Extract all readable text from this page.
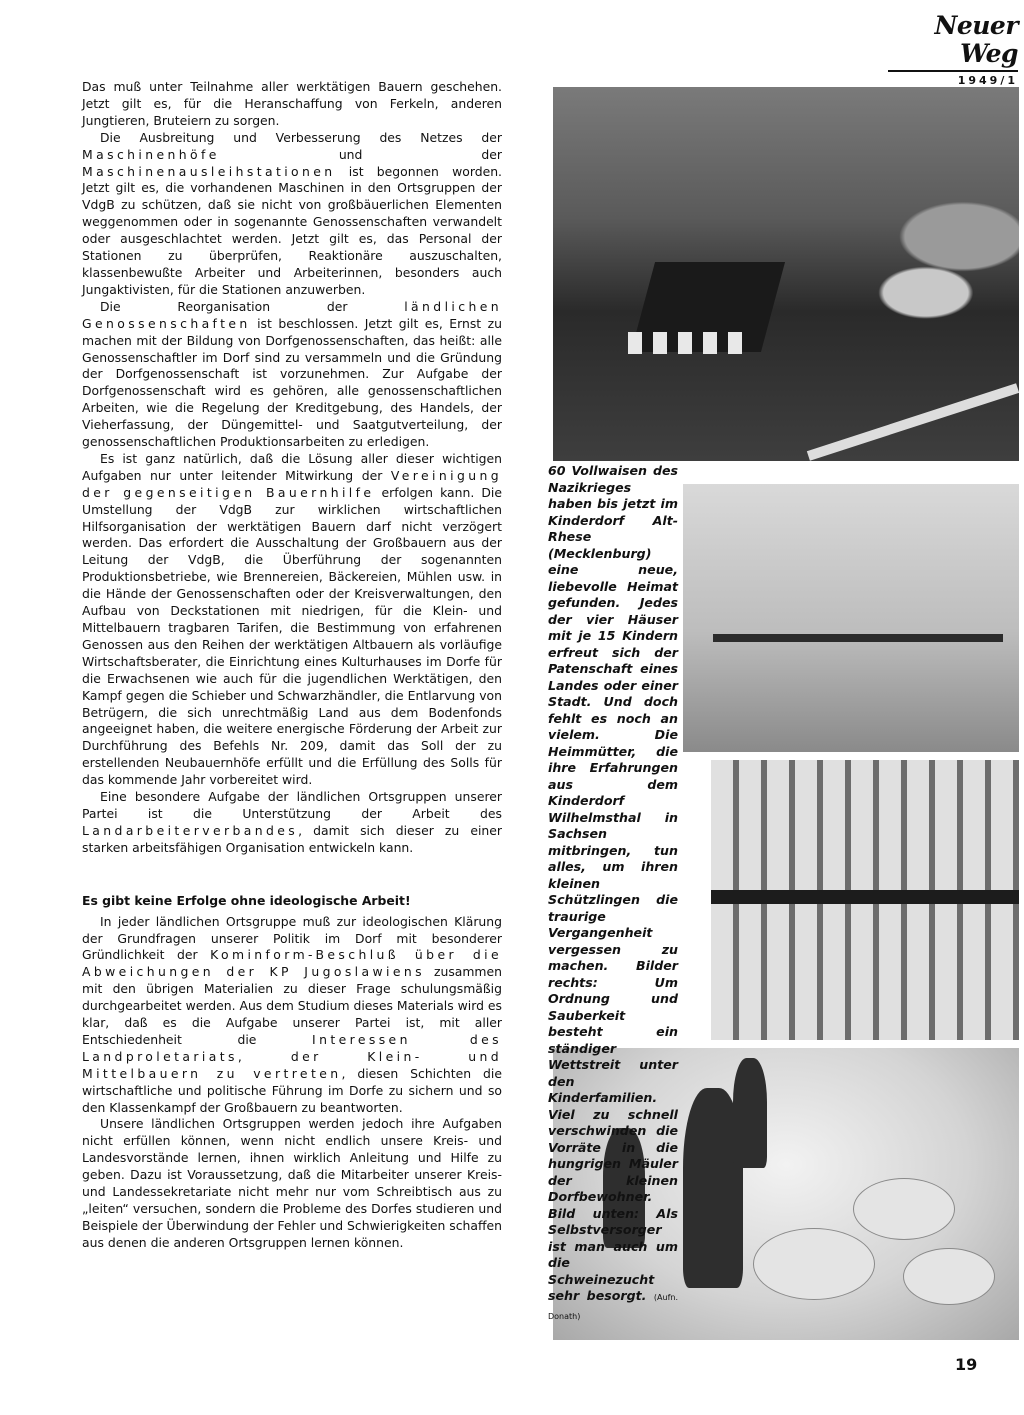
Neuer Weg
1949/1

Das muß unter Teilnahme aller werktätigen Bauern geschehen. Jetzt gilt es, für die Heranschaffung von Ferkeln, anderen Jungtieren, Bruteiern zu sorgen.

Die Ausbreitung und Verbesserung des Netzes der Maschinenhöfe und der Maschinenausleihstationen ist begonnen worden. Jetzt gilt es, die vorhandenen Maschinen in den Ortsgruppen der VdgB zu schützen, daß sie nicht von großbäuerlichen Elementen weggenommen oder in sogenannte Genossenschaften verwandelt oder ausgeschlachtet werden. Jetzt gilt es, das Personal der Stationen zu überprüfen, Reaktionäre auszuschalten, klassenbewußte Arbeiter und Arbeiterinnen, besonders auch Jungaktivisten, für die Stationen anzuwerben.

Die Reorganisation der ländlichen Genossenschaften ist beschlossen. Jetzt gilt es, Ernst zu machen mit der Bildung von Dorfgenossenschaften, das heißt: alle Genossenschaftler im Dorf sind zu versammeln und die Gründung der Dorfgenossenschaft ist vorzunehmen. Zur Aufgabe der Dorfgenossenschaft wird es gehören, alle genossenschaftlichen Arbeiten, wie die Regelung der Kreditgebung, des Handels, der Vieherfassung, der Düngemittel- und Saatgutverteilung, der genossenschaftlichen Produktionsarbeiten zu erledigen.

Es ist ganz natürlich, daß die Lösung aller dieser wichtigen Aufgaben nur unter leitender Mitwirkung der Vereinigung der gegenseitigen Bauernhilfe erfolgen kann. Die Umstellung der VdgB zur wirklichen wirtschaftlichen Hilfsorganisation der werktätigen Bauern darf nicht verzögert werden. Das erfordert die Ausschaltung der Großbauern aus der Leitung der VdgB, die Überführung der sogenannten Produktionsbetriebe, wie Brennereien, Bäckereien, Mühlen usw. in die Hände der Genossenschaften oder der Kreisverwaltungen, den Aufbau von Deckstationen mit niedrigen, für die Klein- und Mittelbauern tragbaren Tarifen, die Bestimmung von erfahrenen Genossen aus den Reihen der werktätigen Altbauern als vorläufige Wirtschaftsberater, die Einrichtung eines Kulturhauses im Dorfe für die Erwachsenen wie auch für die jugendlichen Werktätigen, den Kampf gegen die Schieber und Schwarzhändler, die Entlarvung von Betrügern, die sich unrechtmäßig Land aus dem Bodenfonds angeeignet haben, die weitere energische Förderung der Arbeit zur Durchführung des Befehls Nr. 209, damit das Soll der zu erstellenden Neubauernhöfe erfüllt und die Erfüllung des Solls für das kommende Jahr vorbereitet wird.

Eine besondere Aufgabe der ländlichen Ortsgruppen unserer Partei ist die Unterstützung der Arbeit des Landarbeiterverbandes, damit sich dieser zu einer starken arbeitsfähigen Organisation entwickeln kann.

Es gibt keine Erfolge ohne ideologische Arbeit!

In jeder ländlichen Ortsgruppe muß zur ideologischen Klärung der Grundfragen unserer Politik im Dorf mit besonderer Gründlichkeit der Kominform-Beschluß über die Abweichungen der KP Jugoslawiens zusammen mit den übrigen Materialien zu dieser Frage schulungsmäßig durchgearbeitet werden. Aus dem Studium dieses Materials wird es klar, daß es die Aufgabe unserer Partei ist, mit aller Entschiedenheit die Interessen des Landproletariats, der Klein- und Mittelbauern zu vertreten, diesen Schichten die wirtschaftliche und politische Führung im Dorfe zu sichern und so den Klassenkampf der Großbauern zu beantworten.

Unsere ländlichen Ortsgruppen werden jedoch ihre Aufgaben nicht erfüllen können, wenn nicht endlich unsere Kreis- und Landesvorstände lernen, ihnen wirklich Anleitung und Hilfe zu geben. Dazu ist Voraussetzung, daß die Mitarbeiter unserer Kreis- und Landessekretariate nicht mehr nur vom Schreibtisch aus zu „leiten“ versuchen, sondern die Probleme des Dorfes studieren und Beispiele der Überwindung der Fehler und Schwierigkeiten schaffen aus denen die anderen Ortsgruppen lernen können.

60 Vollwaisen des Nazikrieges haben bis jetzt im Kinderdorf Alt-Rhese (Mecklenburg) eine neue, liebevolle Heimat gefunden. Jedes der vier Häuser mit je 15 Kindern erfreut sich der Patenschaft eines Landes oder einer Stadt. Und doch fehlt es noch an vielem. Die Heimmütter, die ihre Erfahrungen aus dem Kinderdorf Wilhelmsthal in Sachsen mitbringen, tun alles, um ihren kleinen Schützlingen die traurige Vergangenheit vergessen zu machen. Bilder rechts: Um Ordnung und Sauberkeit besteht ein ständiger Wettstreit unter den Kinderfamilien. Viel zu schnell verschwinden die Vorräte in die hungrigen Mäuler der kleinen Dorfbewohner. Bild unten: Als Selbstversorger ist man auch um die Schweinezucht sehr besorgt. (Aufn. Donath)
19
